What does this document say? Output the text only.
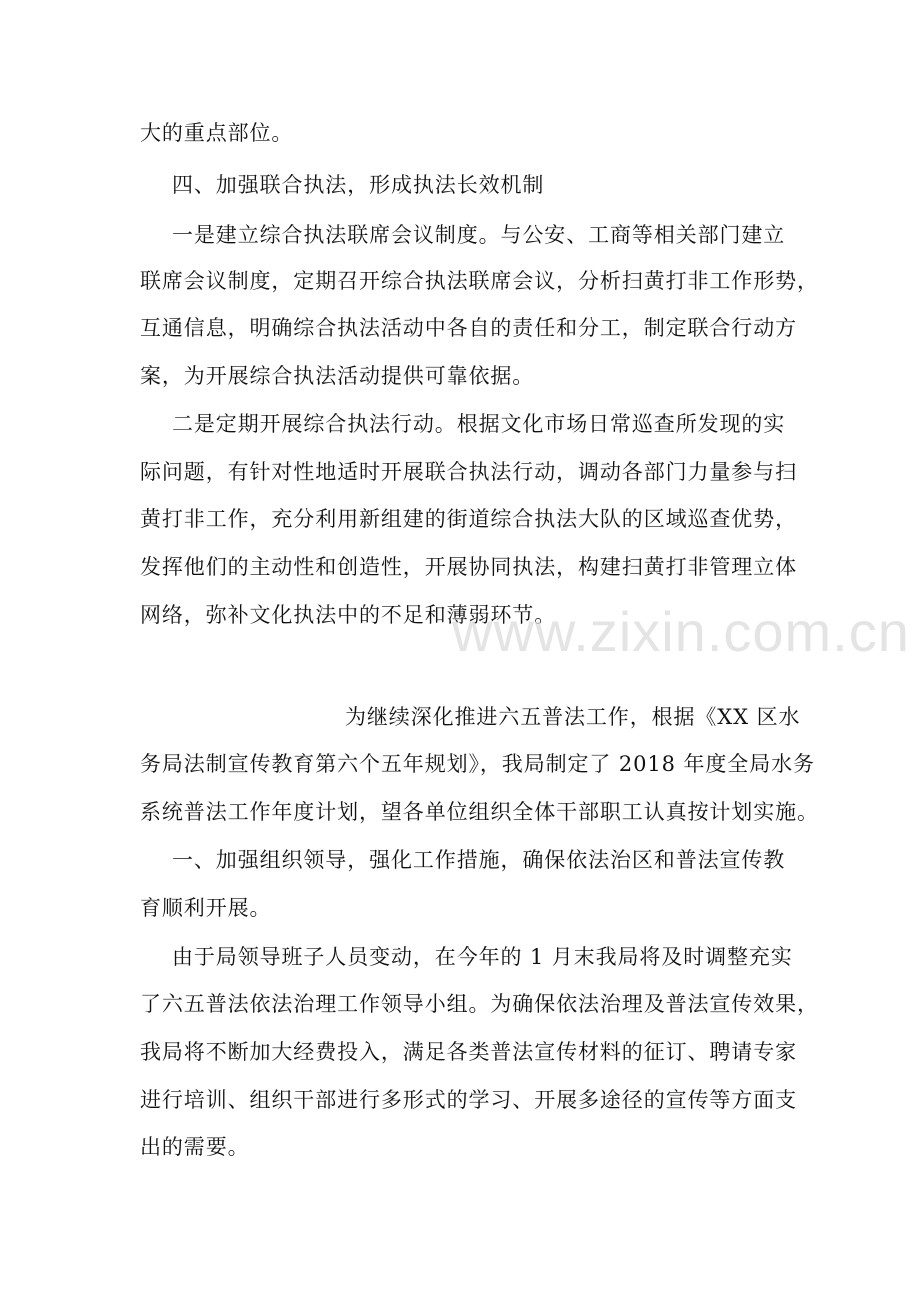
大的重点部位。
四、加强联合执法，形成执法长效机制
一是建立综合执法联席会议制度。与公安、工商等相关部门建立
联席会议制度，定期召开综合执法联席会议，分析扫黄打非工作形势，
互通信息，明确综合执法活动中各自的责任和分工，制定联合行动方
案，为开展综合执法活动提供可靠依据。
二是定期开展综合执法行动。根据文化市场日常巡查所发现的实
际问题，有针对性地适时开展联合执法行动，调动各部门力量参与扫
黄打非工作，充分利用新组建的街道综合执法大队的区域巡查优势，
发挥他们的主动性和创造性，开展协同执法，构建扫黄打非管理立体
网络，弥补文化执法中的不足和薄弱环节。
为继续深化推进六五普法工作，根据《XX 区水
务局法制宣传教育第六个五年规划》，我局制定了 2018 年度全局水务
系统普法工作年度计划，望各单位组织全体干部职工认真按计划实施。
一、加强组织领导，强化工作措施，确保依法治区和普法宣传教
育顺利开展。
由于局领导班子人员变动，在今年的 1 月末我局将及时调整充实
了六五普法依法治理工作领导小组。为确保依法治理及普法宣传效果，
我局将不断加大经费投入，满足各类普法宣传材料的征订、聘请专家
进行培训、组织干部进行多形式的学习、开展多途径的宣传等方面支
出的需要。
www.zixin.com.cn
